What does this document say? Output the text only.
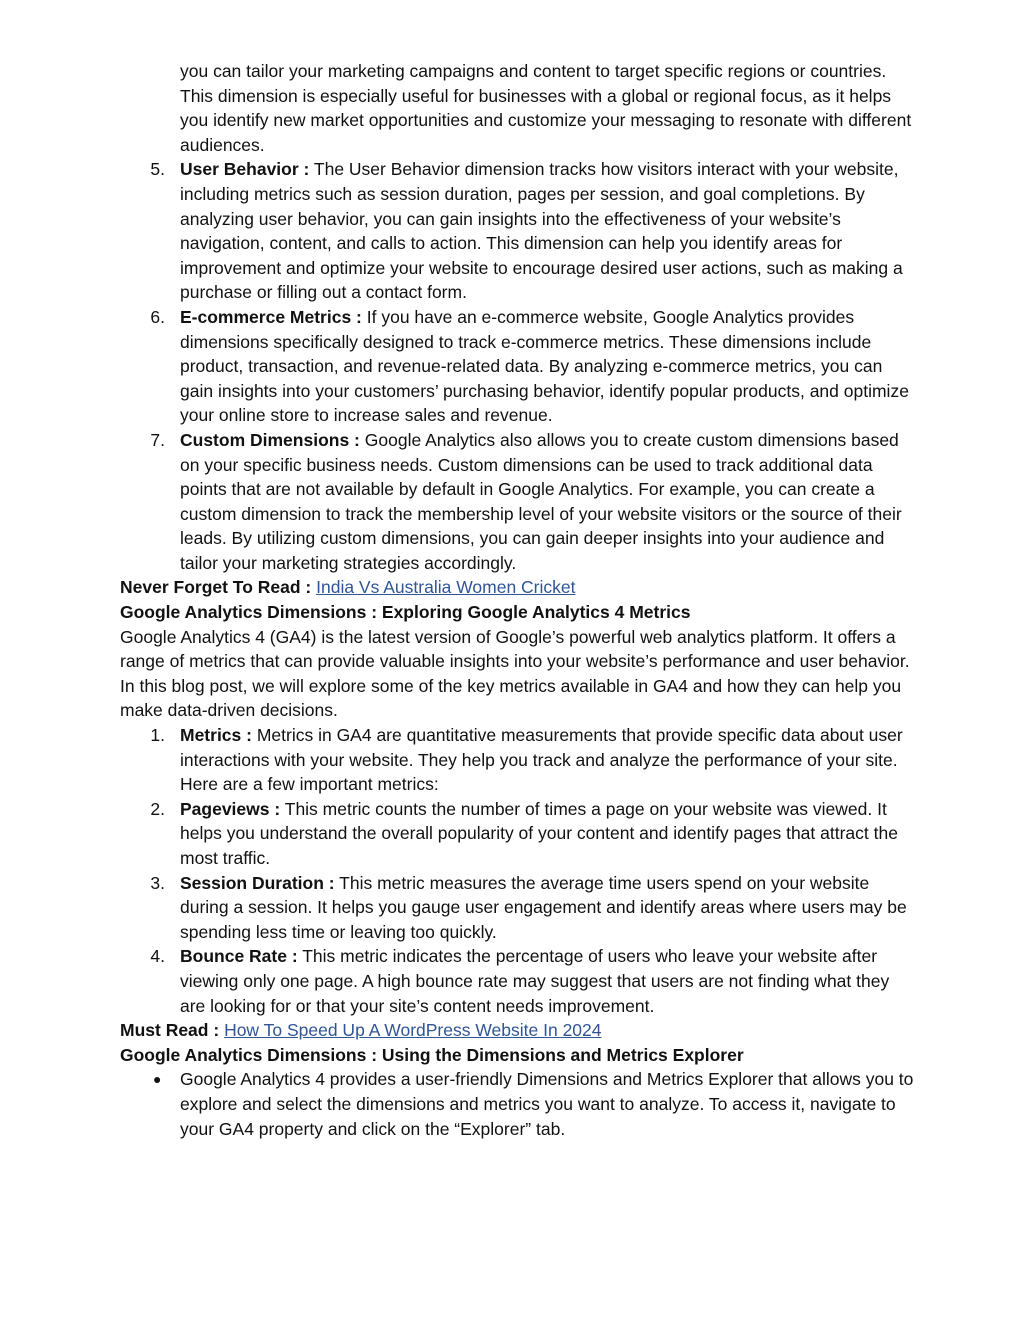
you can tailor your marketing campaigns and content to target specific regions or countries. This dimension is especially useful for businesses with a global or regional focus, as it helps you identify new market opportunities and customize your messaging to resonate with different audiences.

5. User Behavior : The User Behavior dimension tracks how visitors interact with your website, including metrics such as session duration, pages per session, and goal completions. By analyzing user behavior, you can gain insights into the effectiveness of your website’s navigation, content, and calls to action. This dimension can help you identify areas for improvement and optimize your website to encourage desired user actions, such as making a purchase or filling out a contact form.
6. E-commerce Metrics : If you have an e-commerce website, Google Analytics provides dimensions specifically designed to track e-commerce metrics. These dimensions include product, transaction, and revenue-related data. By analyzing e-commerce metrics, you can gain insights into your customers’ purchasing behavior, identify popular products, and optimize your online store to increase sales and revenue.
7. Custom Dimensions : Google Analytics also allows you to create custom dimensions based on your specific business needs. Custom dimensions can be used to track additional data points that are not available by default in Google Analytics. For example, you can create a custom dimension to track the membership level of your website visitors or the source of their leads. By utilizing custom dimensions, you can gain deeper insights into your audience and tailor your marketing strategies accordingly.

Never Forget To Read : India Vs Australia Women Cricket

Google Analytics Dimensions : Exploring Google Analytics 4 Metrics

Google Analytics 4 (GA4) is the latest version of Google’s powerful web analytics platform. It offers a range of metrics that can provide valuable insights into your website’s performance and user behavior. In this blog post, we will explore some of the key metrics available in GA4 and how they can help you make data-driven decisions.

1. Metrics : Metrics in GA4 are quantitative measurements that provide specific data about user interactions with your website. They help you track and analyze the performance of your site. Here are a few important metrics:
2. Pageviews : This metric counts the number of times a page on your website was viewed. It helps you understand the overall popularity of your content and identify pages that attract the most traffic.
3. Session Duration : This metric measures the average time users spend on your website during a session. It helps you gauge user engagement and identify areas where users may be spending less time or leaving too quickly.
4. Bounce Rate : This metric indicates the percentage of users who leave your website after viewing only one page. A high bounce rate may suggest that users are not finding what they are looking for or that your site’s content needs improvement.

Must Read : How To Speed Up A WordPress Website In 2024

Google Analytics Dimensions : Using the Dimensions and Metrics Explorer

● Google Analytics 4 provides a user-friendly Dimensions and Metrics Explorer that allows you to explore and select the dimensions and metrics you want to analyze. To access it, navigate to your GA4 property and click on the “Explorer” tab.
